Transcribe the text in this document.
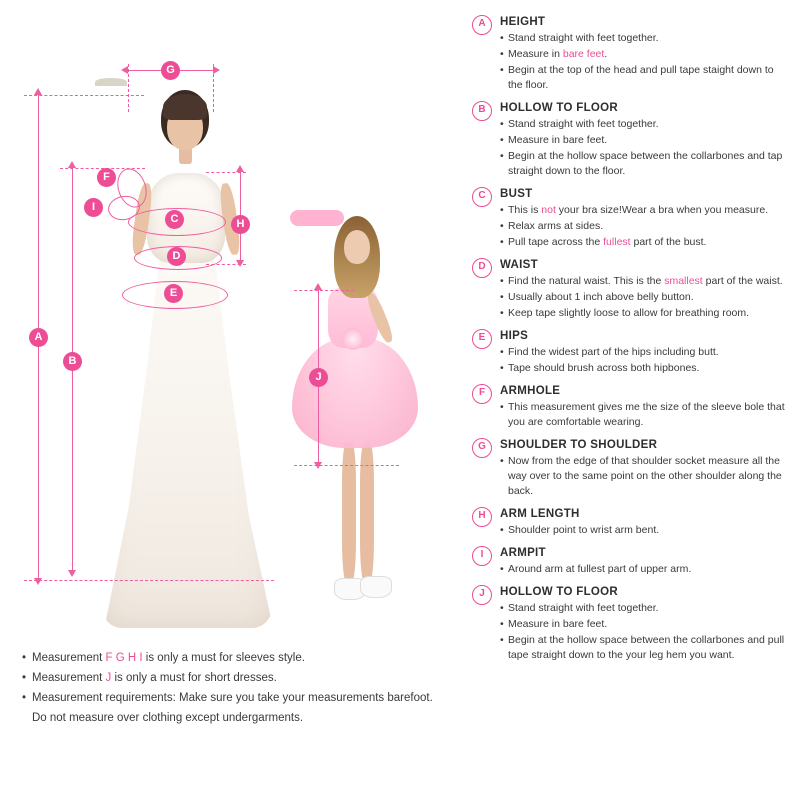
A
B
G
F
I
C	H
D
E
J
• Measurement F G H I is only a must for sleeves style.
• Measurement J is only a must for short dresses.
• Measurement requirements: Make sure you take your measurements barefoot.
Do not measure over clothing except undergarments.
A	HEIGHT
• Stand straight with feet together.
• Measure in bare feet.
• Begin at the top of the head and pull tape staight down to
the floor.
B	HOLLOW TO FLOOR
• Stand straight with feet together.
• Measure in bare feet.
• Begin at the hollow space between the collarbones and tap
straight down to the floor.
C	BUST
• This is not your bra size!Wear a bra when you measure.
• Relax arms at sides.
• Pull tape across the fullest part of the bust.
D	WAIST
• Find the natural waist. This is the smallest part of the waist.
• Usually about 1 inch above belly button.
• Keep tape slightly loose to allow for breathing room.
E	HIPS
• Find the widest part of the hips including butt.
• Tape should brush across both hipbones.
F	ARMHOLE
• This measurement gives me the size of the sleeve bole that
you are comfortable wearing.
G	SHOULDER TO SHOULDER
• Now from the edge of that shoulder socket measure all the
way over to the same point on the other shoulder along the
back.
H	ARM LENGTH
• Shoulder point to wrist arm bent.
I	ARMPIT
• Around arm at fullest part of upper arm.
J	HOLLOW TO FLOOR
• Stand straight with feet together.
• Measure in bare feet.
• Begin at the hollow space between the collarbones and pull
tape straight down to the your leg hem you want.
